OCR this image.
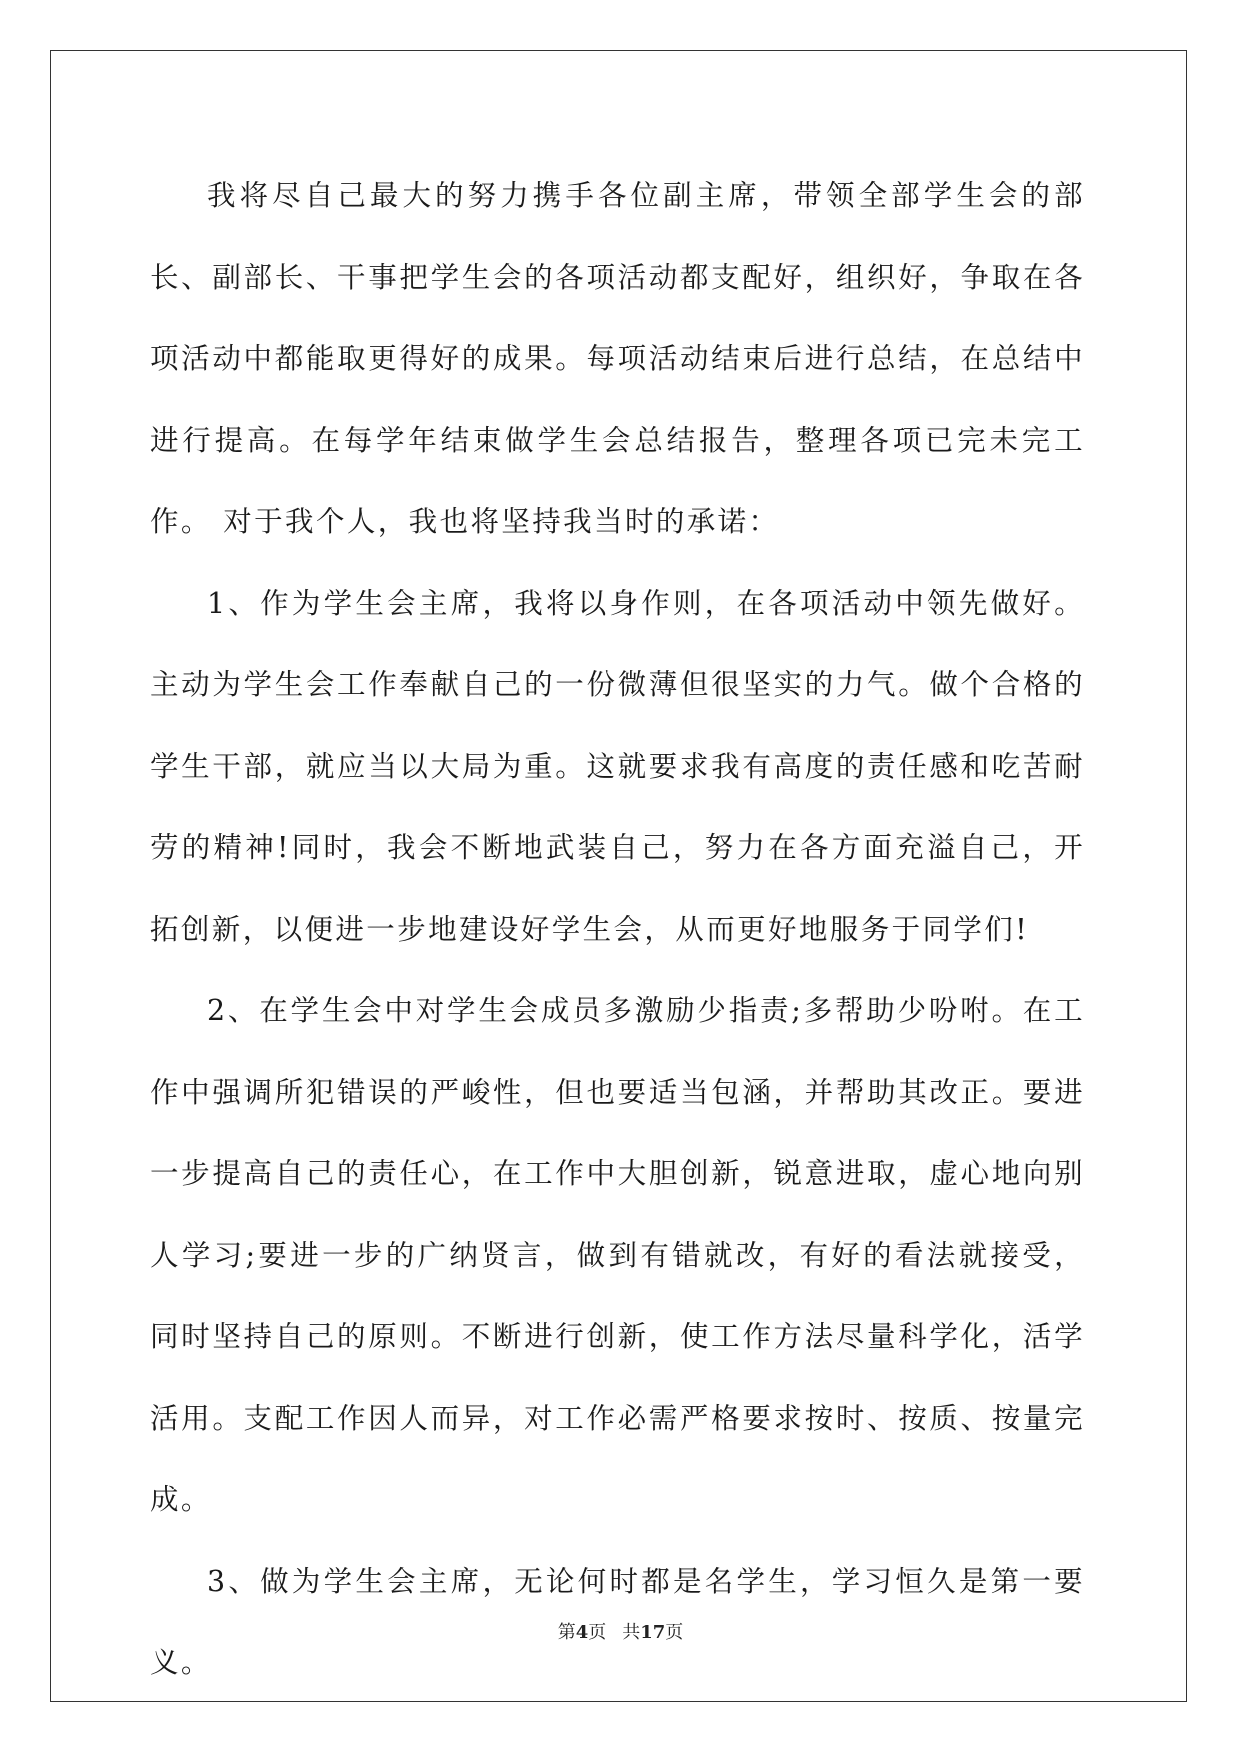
我将尽自己最大的努力携手各位副主席，带领全部学生会的部长、副部长、干事把学生会的各项活动都支配好，组织好，争取在各项活动中都能取更得好的成果。每项活动结束后进行总结，在总结中进行提高。在每学年结束做学生会总结报告，整理各项已完未完工作。 对于我个人，我也将坚持我当时的承诺：

1、作为学生会主席，我将以身作则，在各项活动中领先做好。主动为学生会工作奉献自己的一份微薄但很坚实的力气。做个合格的学生干部，就应当以大局为重。这就要求我有高度的责任感和吃苦耐劳的精神!同时，我会不断地武装自己，努力在各方面充溢自己，开拓创新，以便进一步地建设好学生会，从而更好地服务于同学们!

2、在学生会中对学生会成员多激励少指责;多帮助少吩咐。在工作中强调所犯错误的严峻性，但也要适当包涵，并帮助其改正。要进一步提高自己的责任心，在工作中大胆创新，锐意进取，虚心地向别人学习;要进一步的广纳贤言，做到有错就改，有好的看法就接受，同时坚持自己的原则。不断进行创新，使工作方法尽量科学化，活学活用。支配工作因人而异，对工作必需严格要求按时、按质、按量完成。

3、做为学生会主席，无论何时都是名学生，学习恒久是第一要义。

第4页 共17页
